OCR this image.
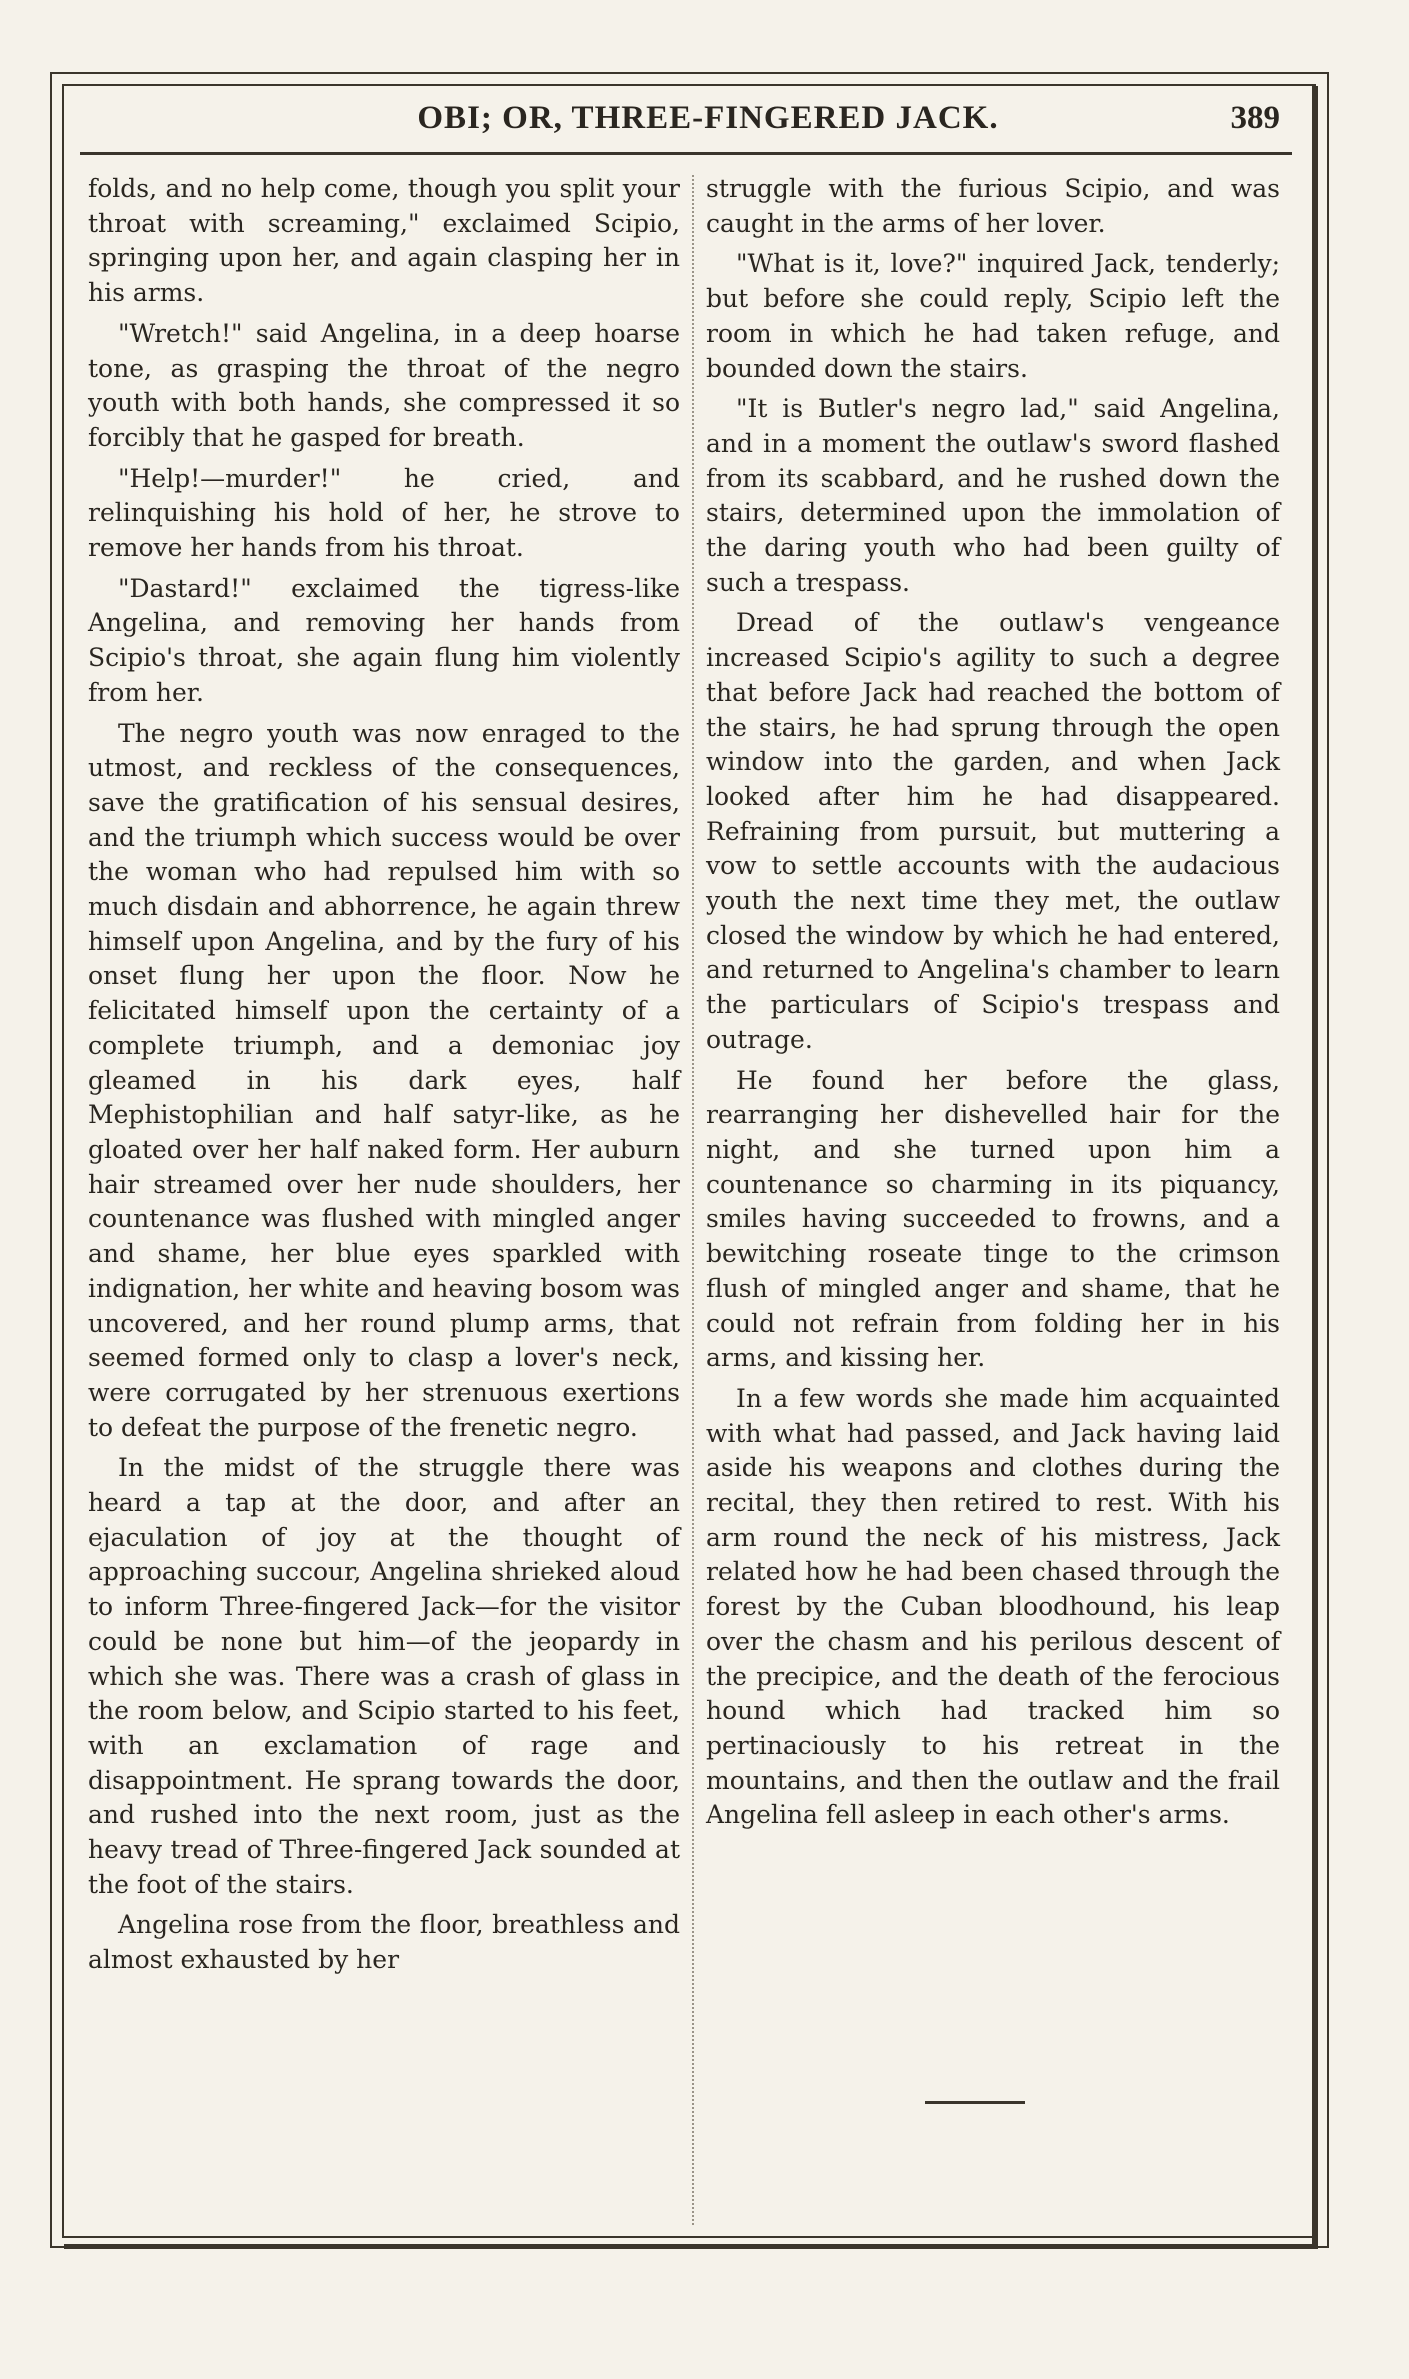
OBI; OR, THREE-FINGERED JACK.	389

folds, and no help come, though you split your throat with screaming," exclaimed Scipio, springing upon her, and again clasping her in his arms.

"Wretch!" said Angelina, in a deep hoarse tone, as grasping the throat of the negro youth with both hands, she compressed it so forcibly that he gasped for breath.

"Help!—murder!" he cried, and relinquishing his hold of her, he strove to remove her hands from his throat.

"Dastard!" exclaimed the tigress-like Angelina, and removing her hands from Scipio's throat, she again flung him violently from her.

The negro youth was now enraged to the utmost, and reckless of the consequences, save the gratification of his sensual desires, and the triumph which success would be over the woman who had repulsed him with so much disdain and abhorrence, he again threw himself upon Angelina, and by the fury of his onset flung her upon the floor. Now he felicitated himself upon the certainty of a complete triumph, and a demoniac joy gleamed in his dark eyes, half Mephistophilian and half satyr-like, as he gloated over her half naked form. Her auburn hair streamed over her nude shoulders, her countenance was flushed with mingled anger and shame, her blue eyes sparkled with indignation, her white and heaving bosom was uncovered, and her round plump arms, that seemed formed only to clasp a lover's neck, were corrugated by her strenuous exertions to defeat the purpose of the frenetic negro.

In the midst of the struggle there was heard a tap at the door, and after an ejaculation of joy at the thought of approaching succour, Angelina shrieked aloud to inform Three-fingered Jack—for the visitor could be none but him—of the jeopardy in which she was. There was a crash of glass in the room below, and Scipio started to his feet, with an exclamation of rage and disappointment. He sprang towards the door, and rushed into the next room, just as the heavy tread of Three-fingered Jack sounded at the foot of the stairs.

Angelina rose from the floor, breathless and almost exhausted by her

struggle with the furious Scipio, and was caught in the arms of her lover.

"What is it, love?" inquired Jack, tenderly; but before she could reply, Scipio left the room in which he had taken refuge, and bounded down the stairs.

"It is Butler's negro lad," said Angelina, and in a moment the outlaw's sword flashed from its scabbard, and he rushed down the stairs, determined upon the immolation of the daring youth who had been guilty of such a trespass.

Dread of the outlaw's vengeance increased Scipio's agility to such a degree that before Jack had reached the bottom of the stairs, he had sprung through the open window into the garden, and when Jack looked after him he had disappeared. Refraining from pursuit, but muttering a vow to settle accounts with the audacious youth the next time they met, the outlaw closed the window by which he had entered, and returned to Angelina's chamber to learn the particulars of Scipio's trespass and outrage.

He found her before the glass, rearranging her dishevelled hair for the night, and she turned upon him a countenance so charming in its piquancy, smiles having succeeded to frowns, and a bewitching roseate tinge to the crimson flush of mingled anger and shame, that he could not refrain from folding her in his arms, and kissing her.

In a few words she made him acquainted with what had passed, and Jack having laid aside his weapons and clothes during the recital, they then retired to rest. With his arm round the neck of his mistress, Jack related how he had been chased through the forest by the Cuban bloodhound, his leap over the chasm and his perilous descent of the precipice, and the death of the ferocious hound which had tracked him so pertinaciously to his retreat in the mountains, and then the outlaw and the frail Angelina fell asleep in each other's arms.
